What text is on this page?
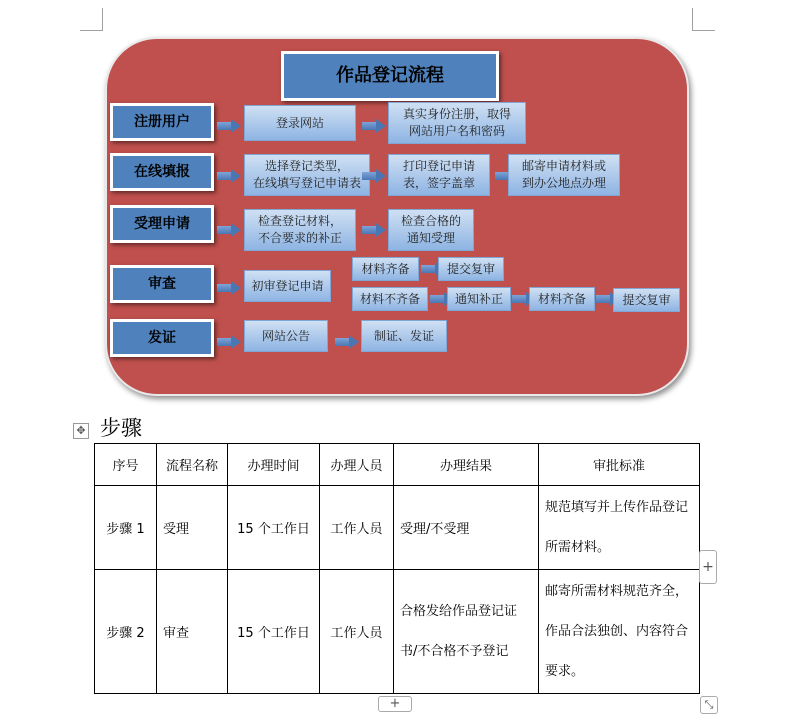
作品登记流程
注册用户	登录网站
真实身份注册，取得
网站用户名和密码
在线填报	选择登记类型，
在线填写登记申请表
打印登记申请
表，签字盖章
邮寄申请材料或
到办公地点办理
受理申请	检查登记材料，
不合要求的补正
检查合格的
通知受理
审查	初审登记申请
材料齐备	提交复审
材料不齐备	通知补正	材料齐备	提交复审
发证	网站公告	制证、发证
✥ 步骤
序号	流程名称	办理时间	办理人员	办理结果	审批标准
步骤 1	受理	15 个工作日	工作人员	受理/不受理	规范填写并上传作品登记所需材料。
步骤 2	审查	15 个工作日	工作人员	合格发给作品登记证书/不合格不予登记	邮寄所需材料规范齐全，作品合法独创、内容符合要求。
+
+	⤡
